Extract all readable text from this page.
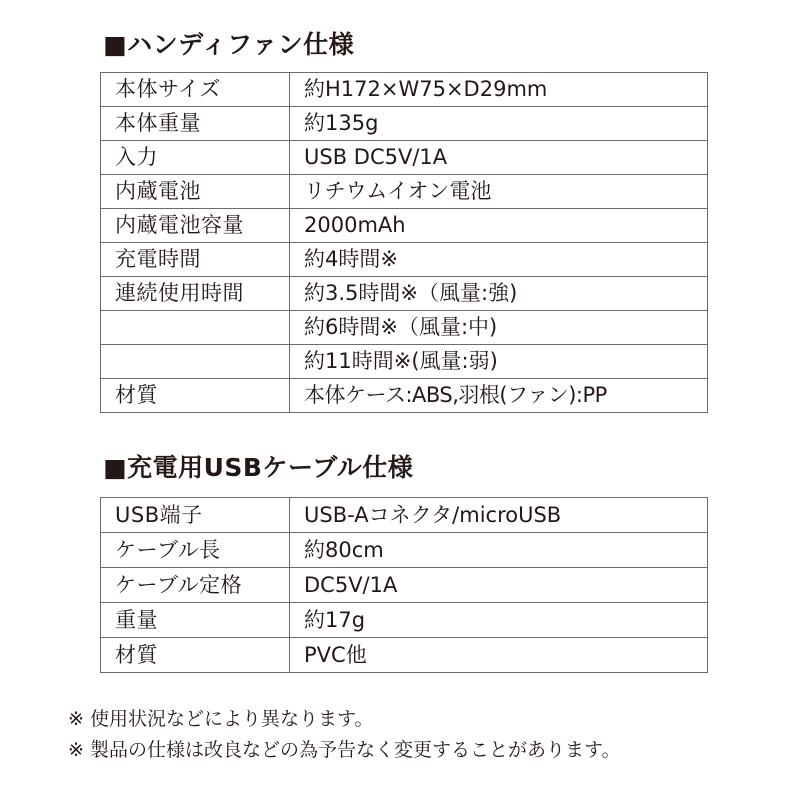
■ハンディファン仕様
本体サイズ	約H172×W75×D29mm
本体重量	約135g
入力	USB DC5V/1A
内蔵電池	リチウムイオン電池
内蔵電池容量	2000mAh
充電時間	約4時間※
連続使用時間	約3.5時間※（風量:強)
	約6時間※（風量:中)
	約11時間※(風量:弱)
材質	本体ケース:ABS,羽根(ファン):PP
■充電用USBケーブル仕様
USB端子	USB-Aコネクタ/microUSB
ケーブル長	約80cm
ケーブル定格	DC5V/1A
重量	約17g
材質	PVC他
※ 使用状況などにより異なります。
※ 製品の仕様は改良などの為予告なく変更することがあります。
